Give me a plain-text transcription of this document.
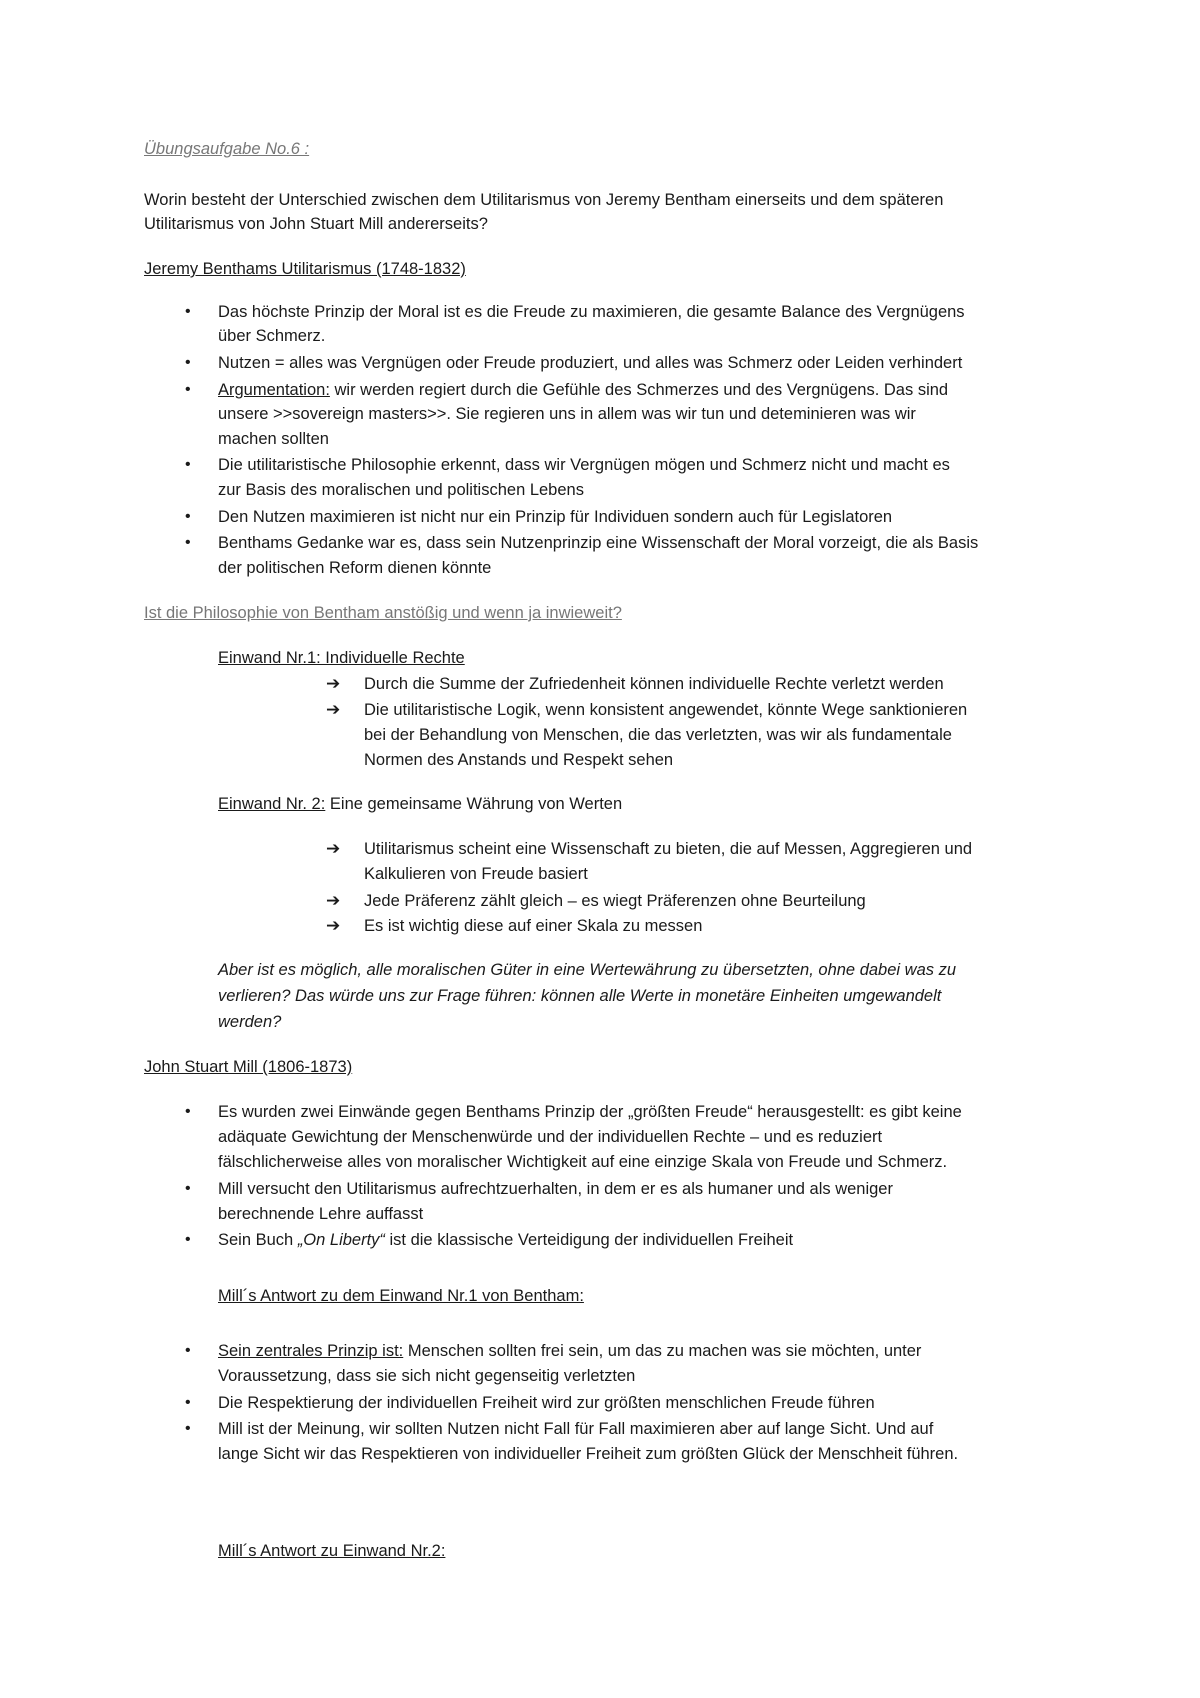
Übungsaufgabe No.6 :
Worin besteht der Unterschied zwischen dem Utilitarismus von Jeremy Bentham einerseits und dem späteren
Utilitarismus von John Stuart Mill andererseits?
Jeremy Benthams Utilitarismus (1748-1832)
• Das höchste Prinzip der Moral ist es die Freude zu maximieren, die gesamte Balance des Vergnügens
über Schmerz.
• Nutzen = alles was Vergnügen oder Freude produziert, und alles was Schmerz oder Leiden verhindert
• Argumentation: wir werden regiert durch die Gefühle des Schmerzes und des Vergnügens. Das sind
unsere >>sovereign masters>>. Sie regieren uns in allem was wir tun und deteminieren was wir
machen sollten
• Die utilitaristische Philosophie erkennt, dass wir Vergnügen mögen und Schmerz nicht und macht es
zur Basis des moralischen und politischen Lebens
• Den Nutzen maximieren ist nicht nur ein Prinzip für Individuen sondern auch für Legislatoren
• Benthams Gedanke war es, dass sein Nutzenprinzip eine Wissenschaft der Moral vorzeigt, die als Basis
der politischen Reform dienen könnte
Ist die Philosophie von Bentham anstößig und wenn ja inwieweit?
Einwand Nr.1: Individuelle Rechte
➔ Durch die Summe der Zufriedenheit können individuelle Rechte verletzt werden
➔ Die utilitaristische Logik, wenn konsistent angewendet, könnte Wege sanktionieren
bei der Behandlung von Menschen, die das verletzten, was wir als fundamentale
Normen des Anstands und Respekt sehen
Einwand Nr. 2: Eine gemeinsame Währung von Werten
➔ Utilitarismus scheint eine Wissenschaft zu bieten, die auf Messen, Aggregieren und
Kalkulieren von Freude basiert
➔ Jede Präferenz zählt gleich – es wiegt Präferenzen ohne Beurteilung
➔ Es ist wichtig diese auf einer Skala zu messen
Aber ist es möglich, alle moralischen Güter in eine Wertewährung zu übersetzten, ohne dabei was zu
verlieren? Das würde uns zur Frage führen: können alle Werte in monetäre Einheiten umgewandelt
werden?
John Stuart Mill (1806-1873)
• Es wurden zwei Einwände gegen Benthams Prinzip der „größten Freude“ herausgestellt: es gibt keine
adäquate Gewichtung der Menschenwürde und der individuellen Rechte – und es reduziert
fälschlicherweise alles von moralischer Wichtigkeit auf eine einzige Skala von Freude und Schmerz.
• Mill versucht den Utilitarismus aufrechtzuerhalten, in dem er es als humaner und als weniger
berechnende Lehre auffasst
• Sein Buch „On Liberty“ ist die klassische Verteidigung der individuellen Freiheit
Mill´s Antwort zu dem Einwand Nr.1 von Bentham:
• Sein zentrales Prinzip ist: Menschen sollten frei sein, um das zu machen was sie möchten, unter
Voraussetzung, dass sie sich nicht gegenseitig verletzten
• Die Respektierung der individuellen Freiheit wird zur größten menschlichen Freude führen
• Mill ist der Meinung, wir sollten Nutzen nicht Fall für Fall maximieren aber auf lange Sicht. Und auf
lange Sicht wir das Respektieren von individueller Freiheit zum größten Glück der Menschheit führen.
Mill´s Antwort zu Einwand Nr.2:
